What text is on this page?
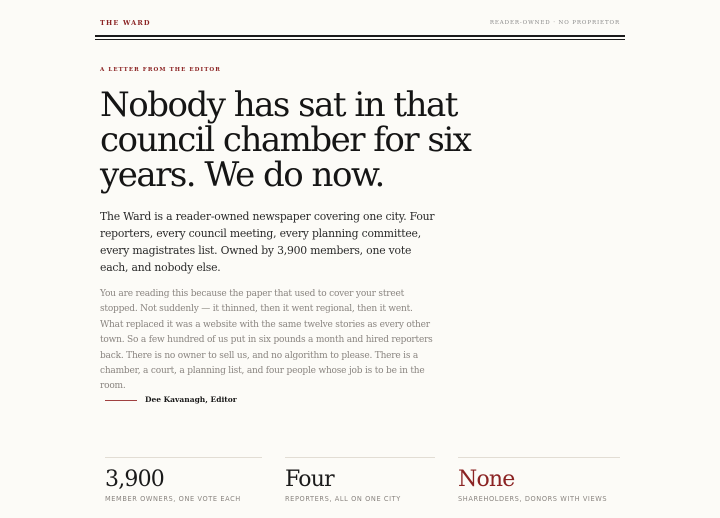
THE WARD	READER-OWNED · NO PROPRIETOR
A LETTER FROM THE EDITOR
Nobody has sat in that council chamber for six years. We do now.

The Ward is a reader-owned newspaper covering one city. Four reporters, every council meeting, every planning committee, every magistrates list. Owned by 3,900 members, one vote each, and nobody else.

You are reading this because the paper that used to cover your street stopped. Not suddenly — it thinned, then it went regional, then it went. What replaced it was a website with the same twelve stories as every other town. So a few hundred of us put in six pounds a month and hired reporters back. There is no owner to sell us, and no algorithm to please. There is a chamber, a court, a planning list, and four people whose job is to be in the room.

Dee Kavanagh, Editor
3,900
MEMBER OWNERS, ONE VOTE EACH
Four
REPORTERS, ALL ON ONE CITY
None
SHAREHOLDERS, DONORS WITH VIEWS
